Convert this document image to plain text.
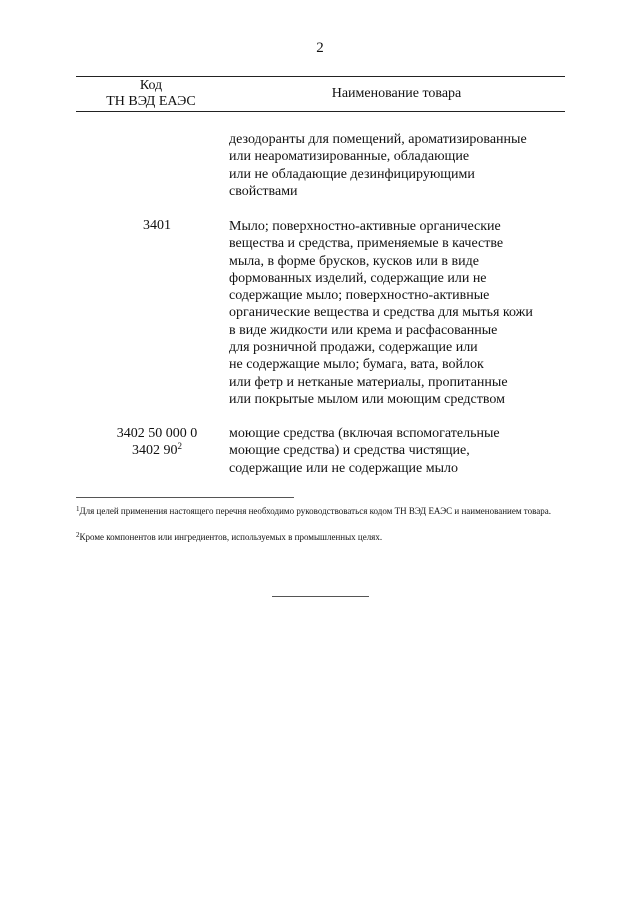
2
Код
ТН ВЭД ЕАЭС
Наименование товара
дезодоранты для помещений, ароматизированные
или неароматизированные, обладающие
или не обладающие дезинфицирующими
свойствами
3401	Мыло; поверхностно-активные органические
вещества и средства, применяемые в качестве
мыла, в форме брусков, кусков или в виде
формованных изделий, содержащие или не
содержащие мыло; поверхностно-активные
органические вещества и средства для мытья кожи
в виде жидкости или крема и расфасованные
для розничной продажи, содержащие или
не содержащие мыло; бумага, вата, войлок
или фетр и нетканые материалы, пропитанные
или покрытые мылом или моющим средством
3402 50 000 0
3402 $90^2$
моющие средства (включая вспомогательные
моющие средства) и средства чистящие,
содержащие или не содержащие мыло
$^1$Для целей применения настоящего перечня необходимо руководствоваться кодом ТН ВЭД ЕАЭС и наименованием товара.
$^2$Кроме компонентов или ингредиентов, используемых в промышленных целях.
